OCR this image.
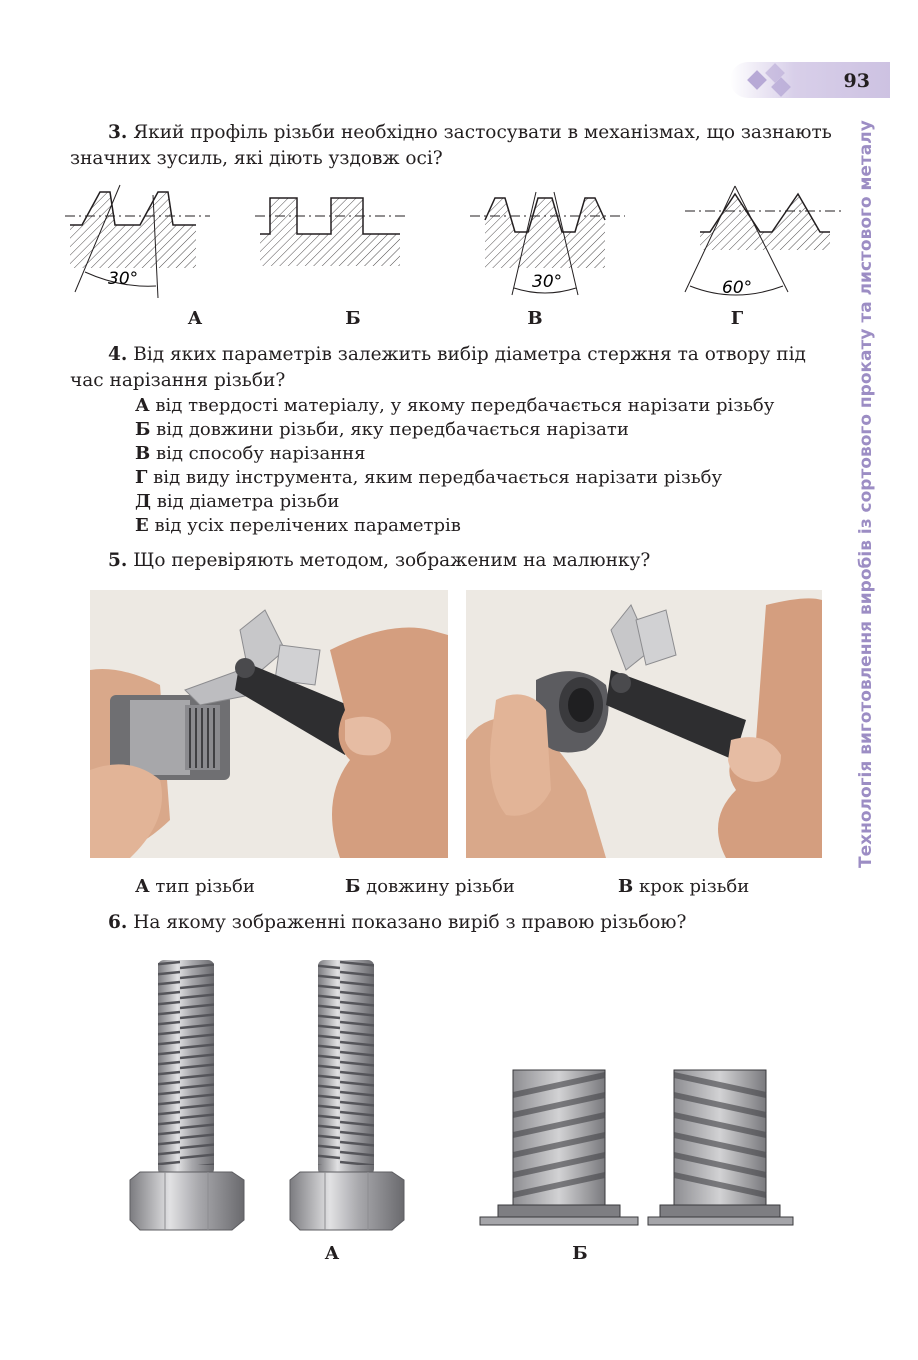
93
Технологія виготовлення виробів із сортового прокату та листового металу
3. Який профіль різьби необхідно застосувати в механізмах, що зазнають значних зусиль, які діють уздовж осі?
30°	30°	60°
А	Б	В	Г
4. Від яких параметрів залежить вибір діаметра стержня та отвору під час нарізання різьби?
А від твердості матеріалу, у якому передбачається нарізати різьбу
Б від довжини різьби, яку передбачається нарізати
В від способу нарізання
Г від виду інструмента, яким передбачається нарізати різьбу
Д від діаметра різьби
Е від усіх перелічених параметрів
5. Що перевіряють методом, зображеним на малюнку?
А тип різьби	Б довжину різьби	В крок різьби
6. На якому зображенні показано виріб з правою різьбою?
А	Б
